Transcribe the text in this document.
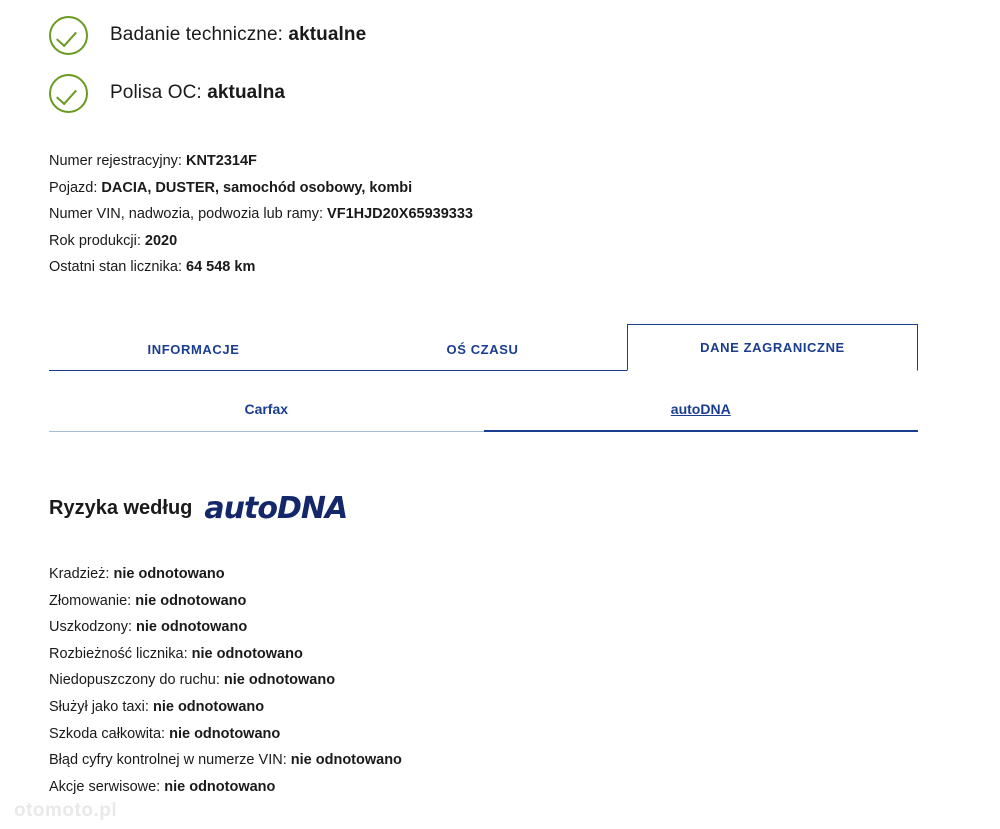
Badanie techniczne: aktualne
Polisa OC: aktualna
Numer rejestracyjny: KNT2314F
Pojazd: DACIA, DUSTER, samochód osobowy, kombi
Numer VIN, nadwozia, podwozia lub ramy: VF1HJD20X65939333
Rok produkcji: 2020
Ostatni stan licznika: 64 548 km
INFORMACJE	OŚ CZASU	DANE ZAGRANICZNE
Carfax	autoDNA
Ryzyka według autoDNA
Kradzież: nie odnotowano
Złomowanie: nie odnotowano
Uszkodzony: nie odnotowano
Rozbieżność licznika: nie odnotowano
Niedopuszczony do ruchu: nie odnotowano
Służył jako taxi: nie odnotowano
Szkoda całkowita: nie odnotowano
Błąd cyfry kontrolnej w numerze VIN: nie odnotowano
Akcje serwisowe: nie odnotowano
otomoto.pl
